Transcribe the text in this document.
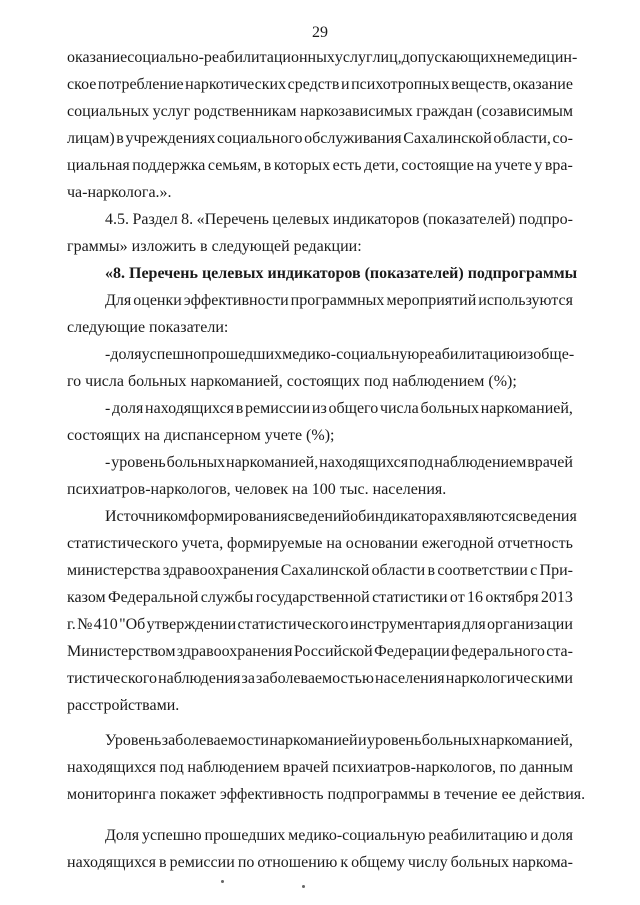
29
оказание социально-реабилитационных услуг лиц, допускающих немедицин-
ское потребление наркотических средств и психотропных веществ, оказание
социальных услуг родственникам наркозависимых граждан (созависимым
лицам) в учреждениях социального обслуживания Сахалинской области, со-
циальная поддержка семьям, в которых есть дети, состоящие на учете у вра-
ча-нарколога.».
4.5. Раздел 8. «Перечень целевых индикаторов (показателей) подпро-
граммы» изложить в следующей редакции:
«8. Перечень целевых индикаторов (показателей) подпрограммы
Для оценки эффективности программных мероприятий используются
следующие показатели:
- доля успешно прошедших медико-социальную реабилитацию из обще-
го числа больных наркоманией, состоящих под наблюдением (%);
- доля находящихся в ремиссии из общего числа больных наркоманией,
состоящих на диспансерном учете (%);
- уровень больных наркоманией, находящихся под наблюдением врачей
психиатров-наркологов, человек на 100 тыс. населения.
Источником формирования сведений об индикаторах являются сведения
статистического учета, формируемые на основании ежегодной отчетность
министерства здравоохранения Сахалинской области в соответствии с При-
казом Федеральной службы государственной статистики от 16 октября 2013
г. № 410 "Об утверждении статистического инструментария для организации
Министерством здравоохранения Российской Федерации федерального ста-
тистического наблюдения за заболеваемостью населения наркологическими
расстройствами.
Уровень заболеваемости наркоманией и уровень больных наркоманией,
находящихся под наблюдением врачей психиатров-наркологов, по данным
мониторинга покажет эффективность подпрограммы в течение ее действия.
Доля успешно прошедших медико-социальную реабилитацию и доля
находящихся в ремиссии по отношению к общему числу больных наркома-
